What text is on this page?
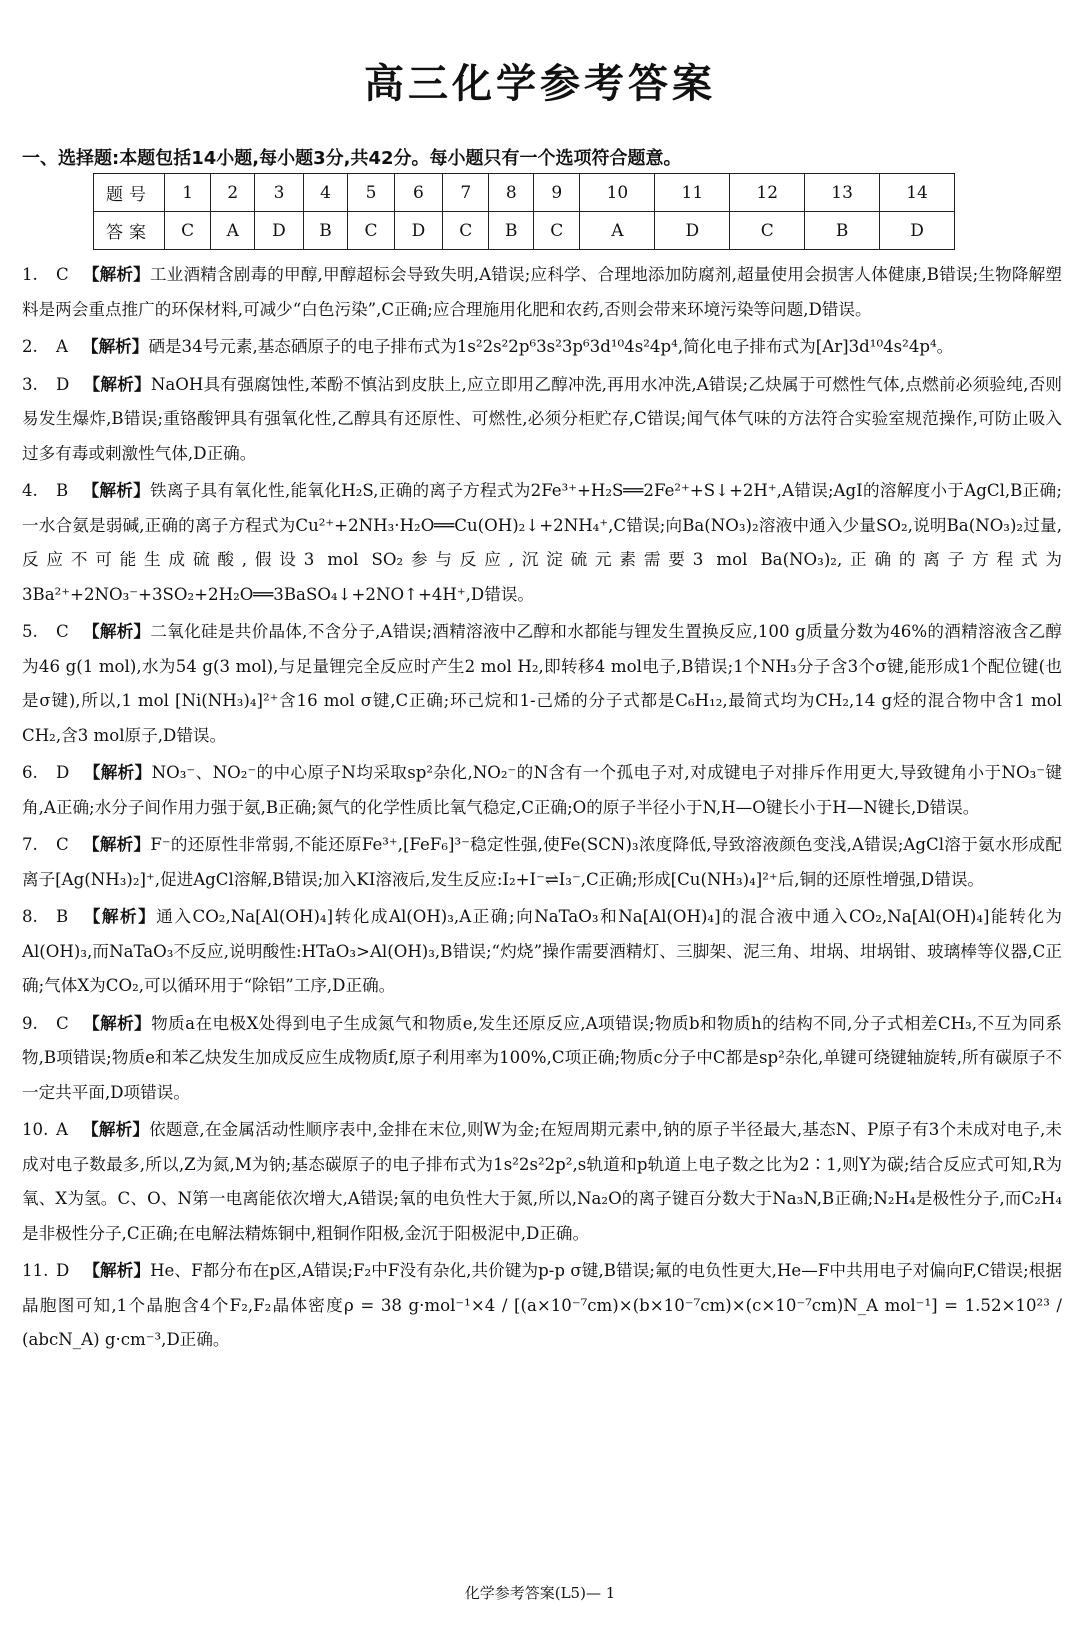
高三化学参考答案
一、选择题:本题包括14小题,每小题3分,共42分。每小题只有一个选项符合题意。
题号	1	2	3	4	5	6	7	8	9	10	11	12	13	14
答案	C	A	D	B	C	D	C	B	C	A	D	C	B	D
1. C 【解析】工业酒精含剧毒的甲醇,甲醇超标会导致失明,A错误;应科学、合理地添加防腐剂,超量使用会损害人体健康,B错误;生物降解塑料是两会重点推广的环保材料,可减少“白色污染”,C正确;应合理施用化肥和农药,否则会带来环境污染等问题,D错误。
2. A 【解析】硒是34号元素,基态硒原子的电子排布式为1s²2s²2p⁶3s²3p⁶3d¹⁰4s²4p⁴,简化电子排布式为[Ar]3d¹⁰4s²4p⁴。
3. D 【解析】NaOH具有强腐蚀性,苯酚不慎沾到皮肤上,应立即用乙醇冲洗,再用水冲洗,A错误;乙炔属于可燃性气体,点燃前必须验纯,否则易发生爆炸,B错误;重铬酸钾具有强氧化性,乙醇具有还原性、可燃性,必须分柜贮存,C错误;闻气体气味的方法符合实验室规范操作,可防止吸入过多有毒或刺激性气体,D正确。
4. B 【解析】铁离子具有氧化性,能氧化H₂S,正确的离子方程式为2Fe³⁺+H₂S══2Fe²⁺+S↓+2H⁺,A错误;AgI的溶解度小于AgCl,B正确;一水合氨是弱碱,正确的离子方程式为Cu²⁺+2NH₃·H₂O══Cu(OH)₂↓+2NH₄⁺,C错误;向Ba(NO₃)₂溶液中通入少量SO₂,说明Ba(NO₃)₂过量,反应不可能生成硫酸,假设3 mol SO₂参与反应,沉淀硫元素需要3 mol Ba(NO₃)₂,正确的离子方程式为3Ba²⁺+2NO₃⁻+3SO₂+2H₂O══3BaSO₄↓+2NO↑+4H⁺,D错误。
5. C 【解析】二氧化硅是共价晶体,不含分子,A错误;酒精溶液中乙醇和水都能与锂发生置换反应,100 g质量分数为46%的酒精溶液含乙醇为46 g(1 mol),水为54 g(3 mol),与足量锂完全反应时产生2 mol H₂,即转移4 mol电子,B错误;1个NH₃分子含3个σ键,能形成1个配位键(也是σ键),所以,1 mol [Ni(NH₃)₄]²⁺含16 mol σ键,C正确;环己烷和1-己烯的分子式都是C₆H₁₂,最简式均为CH₂,14 g烃的混合物中含1 mol CH₂,含3 mol原子,D错误。
6. D 【解析】NO₃⁻、NO₂⁻的中心原子N均采取sp²杂化,NO₂⁻的N含有一个孤电子对,对成键电子对排斥作用更大,导致键角小于NO₃⁻键角,A正确;水分子间作用力强于氨,B正确;氮气的化学性质比氧气稳定,C正确;O的原子半径小于N,H—O键长小于H—N键长,D错误。
7. C 【解析】F⁻的还原性非常弱,不能还原Fe³⁺,[FeF₆]³⁻稳定性强,使Fe(SCN)₃浓度降低,导致溶液颜色变浅,A错误;AgCl溶于氨水形成配离子[Ag(NH₃)₂]⁺,促进AgCl溶解,B错误;加入KI溶液后,发生反应:I₂+I⁻⇌I₃⁻,C正确;形成[Cu(NH₃)₄]²⁺后,铜的还原性增强,D错误。
8. B 【解析】通入CO₂,Na[Al(OH)₄]转化成Al(OH)₃,A正确;向NaTaO₃和Na[Al(OH)₄]的混合液中通入CO₂,Na[Al(OH)₄]能转化为Al(OH)₃,而NaTaO₃不反应,说明酸性:HTaO₃>Al(OH)₃,B错误;“灼烧”操作需要酒精灯、三脚架、泥三角、坩埚、坩埚钳、玻璃棒等仪器,C正确;气体X为CO₂,可以循环用于“除铝”工序,D正确。
9. C 【解析】物质a在电极X处得到电子生成氮气和物质e,发生还原反应,A项错误;物质b和物质h的结构不同,分子式相差CH₃,不互为同系物,B项错误;物质e和苯乙炔发生加成反应生成物质f,原子利用率为100%,C项正确;物质c分子中C都是sp²杂化,单键可绕键轴旋转,所有碳原子不一定共平面,D项错误。
10. A 【解析】依题意,在金属活动性顺序表中,金排在末位,则W为金;在短周期元素中,钠的原子半径最大,基态N、P原子有3个未成对电子,未成对电子数最多,所以,Z为氮,M为钠;基态碳原子的电子排布式为1s²2s²2p²,s轨道和p轨道上电子数之比为2∶1,则Y为碳;结合反应式可知,R为氧、X为氢。C、O、N第一电离能依次增大,A错误;氧的电负性大于氮,所以,Na₂O的离子键百分数大于Na₃N,B正确;N₂H₄是极性分子,而C₂H₄是非极性分子,C正确;在电解法精炼铜中,粗铜作阳极,金沉于阳极泥中,D正确。
11. D 【解析】He、F都分布在p区,A错误;F₂中F没有杂化,共价键为p-p σ键,B错误;氟的电负性更大,He—F中共用电子对偏向F,C错误;根据晶胞图可知,1个晶胞含4个F₂,F₂晶体密度ρ = 38 g·mol⁻¹×4 / [(a×10⁻⁷cm)×(b×10⁻⁷cm)×(c×10⁻⁷cm)N_A mol⁻¹] = 1.52×10²³ / (abcN_A) g·cm⁻³,D正确。
化学参考答案(L5)— 1
